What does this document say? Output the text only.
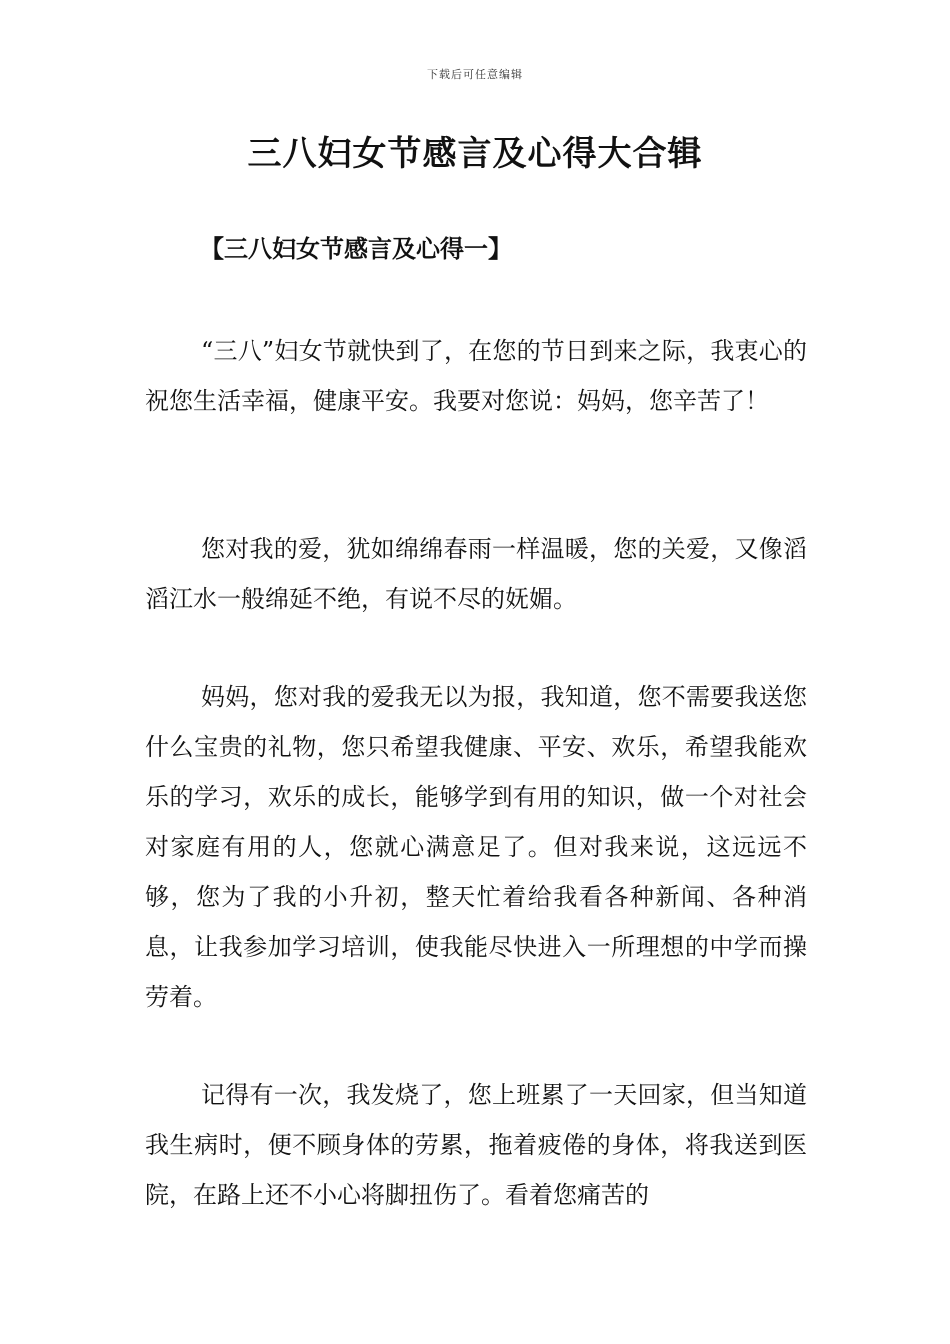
下载后可任意编辑
三八妇女节感言及心得大合辑
【三八妇女节感言及心得一】

“三八”妇女节就快到了，在您的节日到来之际，我衷心的祝您生活幸福，健康平安。我要对您说：妈妈，您辛苦了！

您对我的爱，犹如绵绵春雨一样温暖，您的关爱，又像滔滔江水一般绵延不绝，有说不尽的妩媚。

妈妈，您对我的爱我无以为报，我知道，您不需要我送您什么宝贵的礼物，您只希望我健康、平安、欢乐，希望我能欢乐的学习，欢乐的成长，能够学到有用的知识，做一个对社会对家庭有用的人，您就心满意足了。但对我来说，这远远不够，您为了我的小升初，整天忙着给我看各种新闻、各种消息，让我参加学习培训，使我能尽快进入一所理想的中学而操劳着。

记得有一次，我发烧了，您上班累了一天回家，但当知道我生病时，便不顾身体的劳累，拖着疲倦的身体，将我送到医院，在路上还不小心将脚扭伤了。看着您痛苦的
